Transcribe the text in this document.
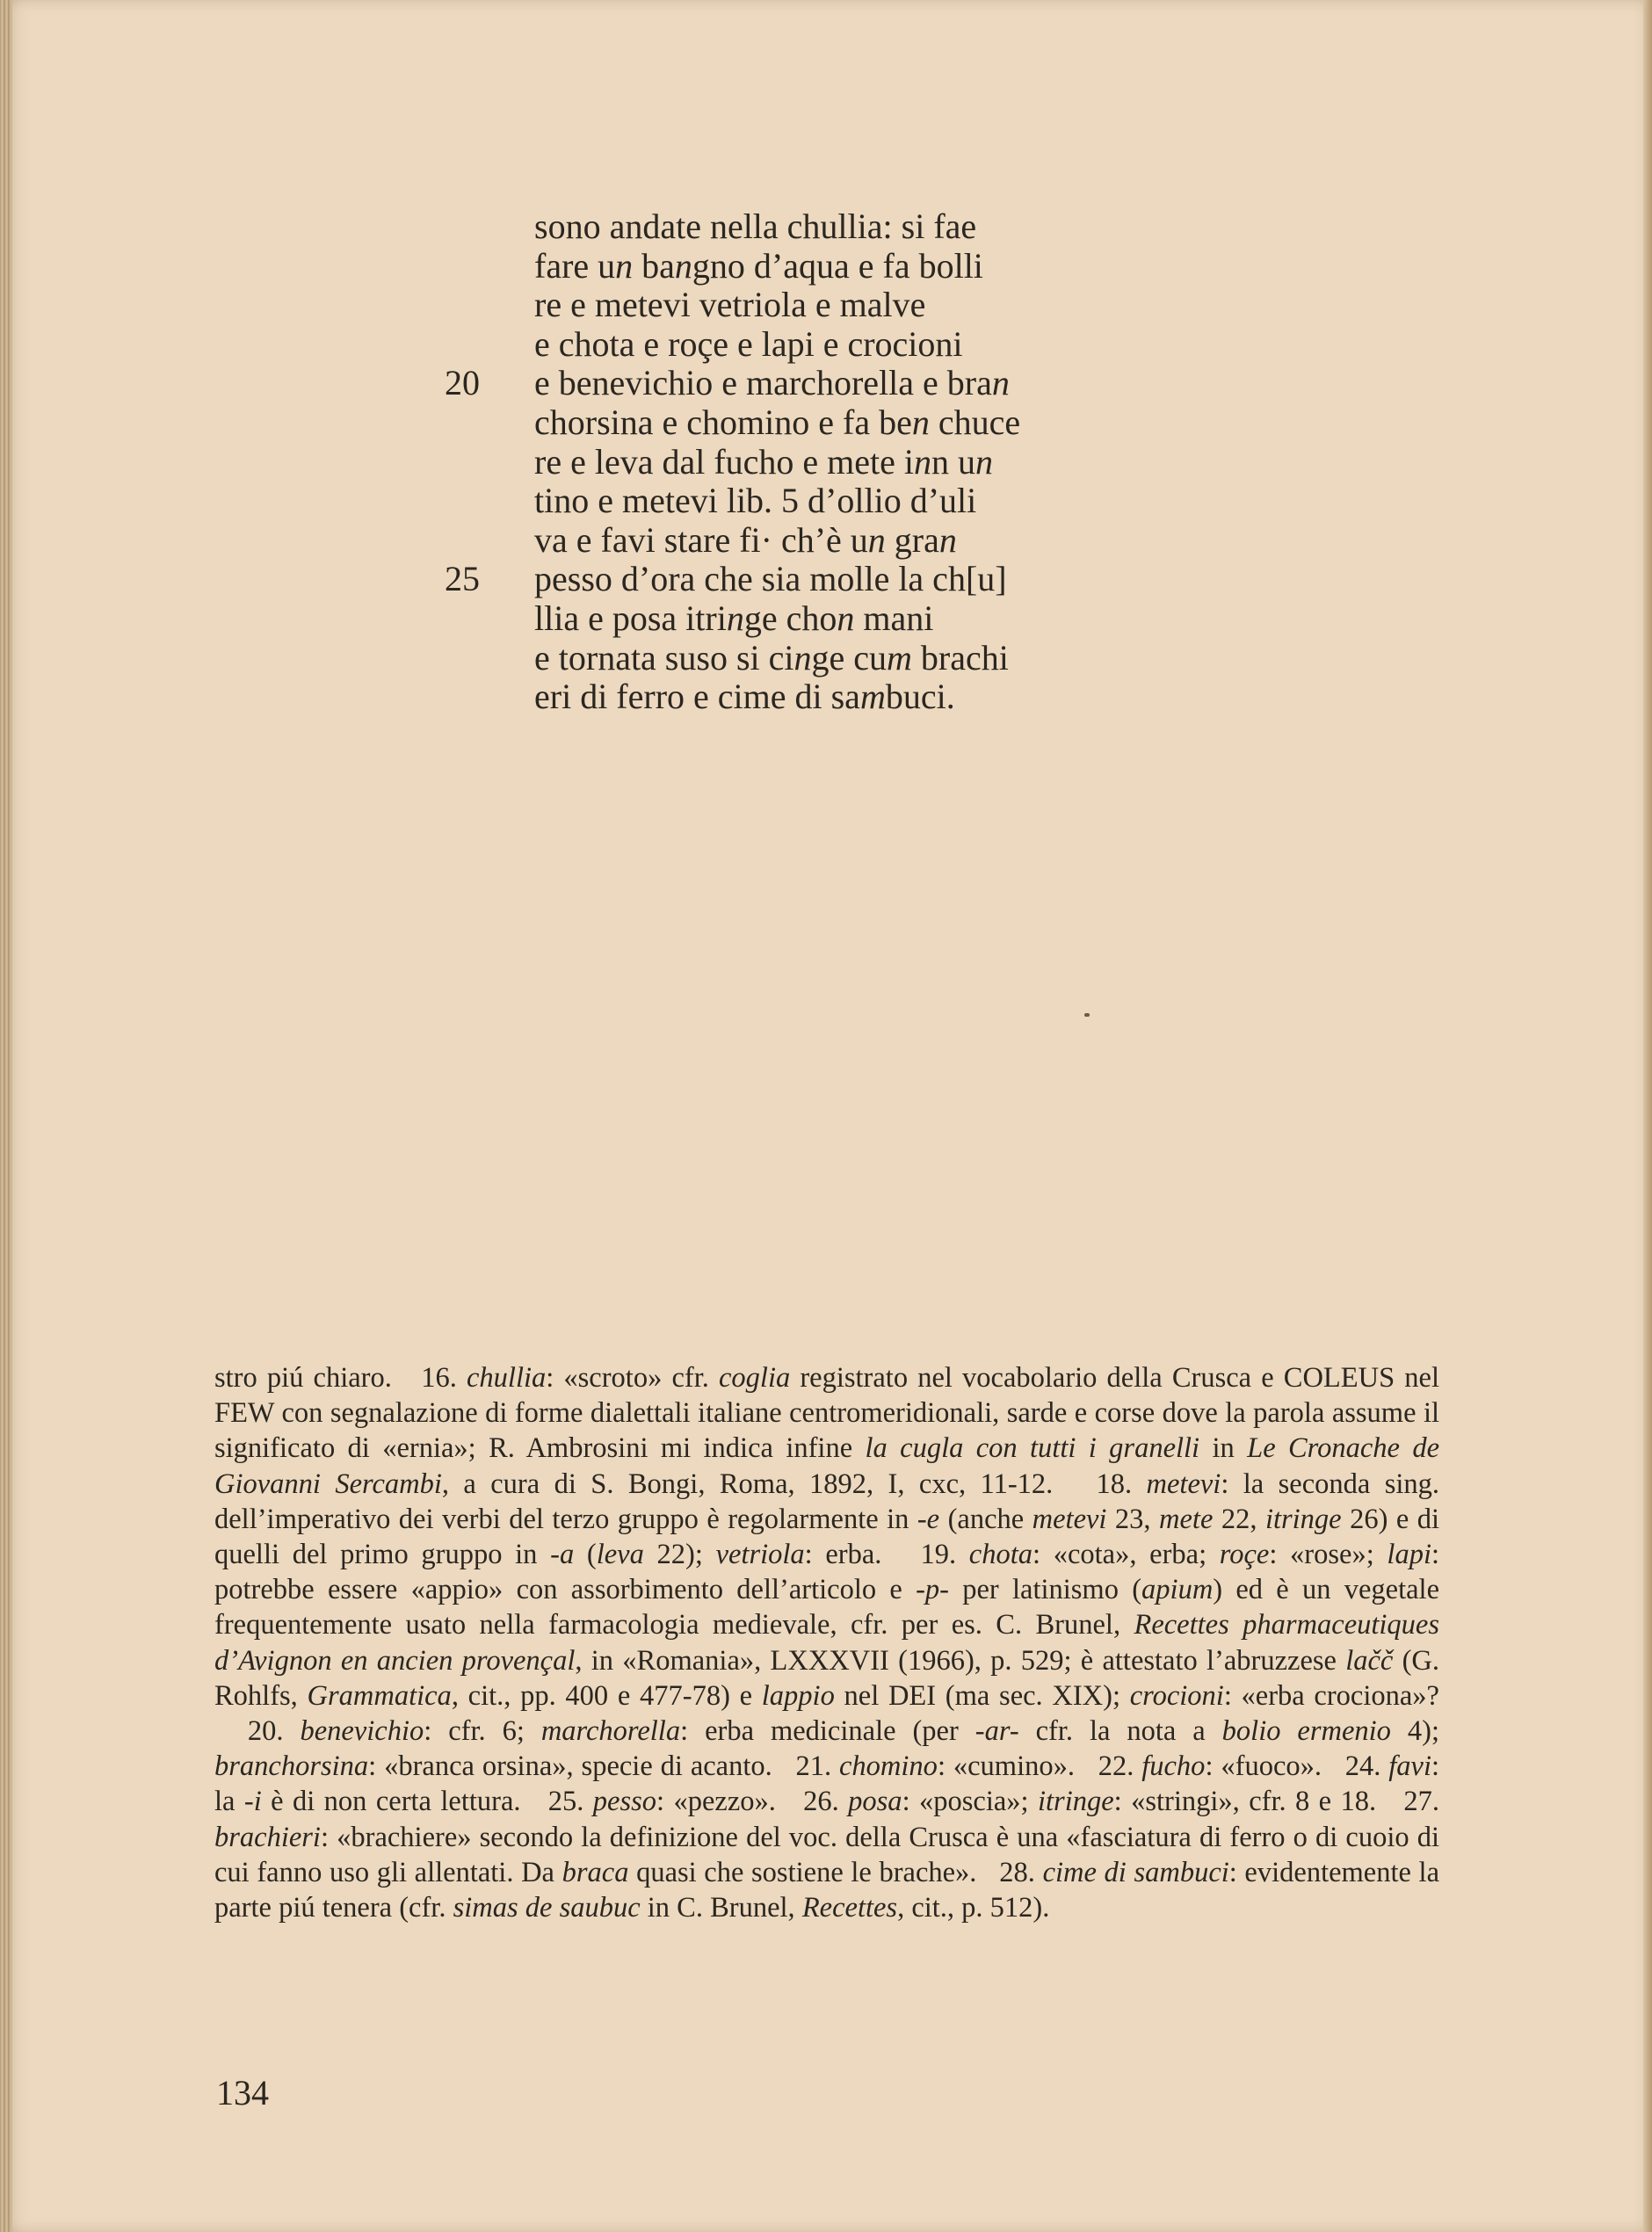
sono andate nella chullia: si fae
fare un bangno d’aqua e fa bolli
re e metevi vetriola e malve
e chota e roçe e lapi e crocioni
e benevichio e marchorella e bran
chorsina e chomino e fa ben chuce
re e leva dal fucho e mete inn un
tino e metevi lib. 5 d’ollio d’uli
va e favi stare fi· ch’è un gran
pesso d’ora che sia molle la ch[u]
llia e posa itringe chon mani
e tornata suso si cinge cum brachi
eri di ferro e cime di sambuci.
20
25

stro piú chiaro.   16. chullia: «scroto» cfr. coglia registrato nel vocabolario della Crusca e COLEUS nel FEW con segnalazione di forme dialettali italiane centromeridionali, sarde e corse dove la parola assume il significato di «ernia»; R. Ambrosini mi indica infine la cugla con tutti i granelli in Le Cronache de Giovanni Sercambi, a cura di S. Bongi, Roma, 1892, I, cxc, 11-12.   18. metevi: la seconda sing. dell’imperativo dei verbi del terzo gruppo è regolarmente in -e (anche metevi 23, mete 22, itringe 26) e di quelli del primo gruppo in -a (leva 22); vetriola: erba.   19. chota: «cota», erba; roçe: «rose»; lapi: potrebbe essere «appio» con assorbimento dell’articolo e -p- per latinismo (apium) ed è un vegetale frequentemente usato nella farmacologia medievale, cfr. per es. C. Brunel, Recettes pharmaceutiques d’Avignon en ancien provençal, in «Romania», LXXXVII (1966), p. 529; è attestato l’abruzzese lačč (G. Rohlfs, Grammatica, cit., pp. 400 e 477-78) e lappio nel DEI (ma sec. XIX); crocioni: «erba crociona»?   20. benevichio: cfr. 6; marchorella: erba medicinale (per -ar- cfr. la nota a bolio ermenio 4); branchorsina: «branca orsina», specie di acanto.   21. chomino: «cumino».   22. fucho: «fuoco».   24. favi: la -i è di non certa lettura.   25. pesso: «pezzo».   26. posa: «poscia»; itringe: «stringi», cfr. 8 e 18.   27. brachieri: «brachiere» secondo la definizione del voc. della Crusca è una «fasciatura di ferro o di cuoio di cui fanno uso gli allentati. Da braca quasi che sostiene le brache».   28. cime di sambuci: evidentemente la parte piú tenera (cfr. simas de saubuc in C. Brunel, Recettes, cit., p. 512).

134
